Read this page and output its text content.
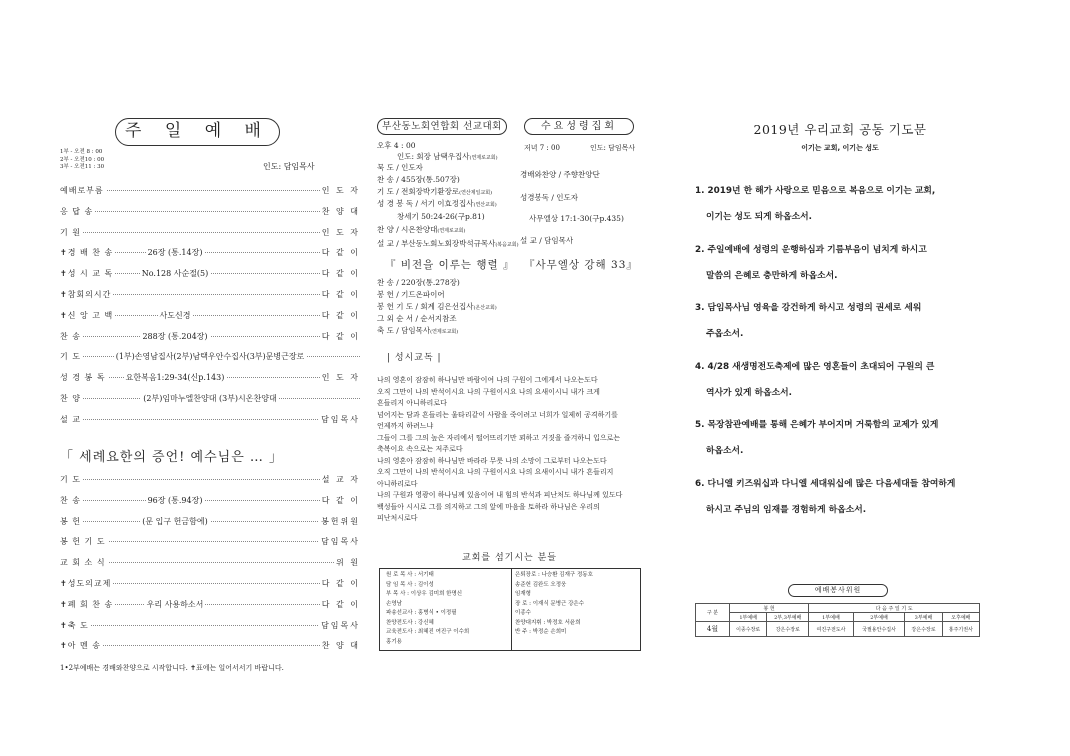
주 일 예 배
1부 - 오전 8 : 00
2부 - 오전10 : 00
3부 - 오전11 : 30	인도: 담임목사
예배로부름	인 도 자
응 답 송	찬 양 대
기 원	인 도 자
✝경 배 찬 송	26장 (통.14장)	다 같 이
✝성 시 교 독	No.128 사순절(5)	다 같 이
✝참회의시간	다 같 이
✝신 앙 고 백	사도신경	다 같 이
찬 송	288장 (통.204장)	다 같 이
기 도	(1부)손영남집사(2부)남택우안수집사(3부)문병근장로
성 경 봉 독	요한복음1:29-34(신p.143)	인 도 자
찬 양	(2부)임마누엘찬양대 (3부)시온찬양대
설 교	담임목사
「 세례요한의 증언! 예수님은 … 」
기 도	설 교 자
찬 송	96장 (통.94장)	다 같 이
봉 헌	(문 입구 헌금함에)	봉헌위원
봉 헌 기 도	담임목사
교 회 소 식	위 원
✝성도의교제	다 같 이
✝폐 회 찬 송	우리 사용하소서	다 같 이
✝축 도	담임목사
✝아 멘 송	찬 양 대
1•2부예배는 경배와찬양으로 시작합니다. ✝표에는 일어서서기 바랍니다.
부산동노회연합회 선교대회	수요성령집회
오후 4 : 00
인도: 회장 남택우집사(연제로교회)
묵 도 / 인도자
찬 송 / 455장(통.507장)
기 도 / 전회장박기환장로(연산제일교회)
성 경 봉 독 / 서기 이효정집사(연산교회)
창세기 50:24-26(구p.81)
찬 양 / 시온찬양대(연제로교회)
설 교 / 부산동노회노회장박석규목사(복음교회)
『 비전을 이루는 행렬 』
찬 송 / 220장(통.278장)
봉 헌 / 기드온파이어
봉 헌 기 도 / 회계 김은선집사(온산교회)
그 외 순 서 / 순서지참조
축 도 / 담임목사(연제로교회)
저녁 7 : 00	인도: 담임목사
경배와찬양 / 주향찬양단
성경봉독 / 인도자
사무엘상 17:1-30(구p.435)
설 교 / 담임목사
『사무엘상 강해 33』
| 성시교독 |
나의 영혼이 잠잠히 하나님만 바람이여 나의 구원이 그에게서 나오는도다
오직 그만이 나의 반석이시요 나의 구원이시요 나의 요새이시니 내가 크게
흔들리지 아니하리로다
넘어지는 담과 흔들리는 울타리같이 사람을 죽이려고 너희가 일제히 공격하기를
언제까지 하려느냐
그들이 그를 그의 높은 자리에서 떨어뜨리기만 꾀하고 거짓을 즐겨하니 입으로는
축복이요 속으로는 저주로다
나의 영혼아 잠잠히 하나님만 바라라 무릇 나의 소망이 그로부터 나오는도다
오직 그만이 나의 반석이시요 나의 구원이시요 나의 요새이시니 내가 흔들리지
아니하리로다
나의 구원과 영광이 하나님께 있음이여 내 힘의 반석과 피난처도 하나님께 있도다
백성들아 시시로 그를 의지하고 그의 앞에 마음을 토하라 하나님은 우리의
피난처시로다
교회를 섬기시는 분들
원 로 목 사 : 서기태
담 임 목 사 : 김이성
부 목 사 : 이상우 김미희 한명신
손영남
파송선교사 : 홍병식 • 이정필
찬양전도사 : 강신혜
교육전도사 : 최혜진 여진구 이수희
홍기용
은퇴장로 : 나승환 김재구 정동호
송준헌 김완도 오정웅
임재형
장 로 : 이재식 문병근 강은수
이종수
찬양대지휘 : 박정호 서윤희
반 주 : 박정순 손희미
2019년 우리교회 공동 기도문
이기는 교회, 이기는 성도
1. 2019년 한 해가 사랑으로 믿음으로 복음으로 이기는 교회,
이기는 성도 되게 하옵소서.
2. 주일예배에 성령의 운행하심과 기름부음이 넘치게 하시고
말씀의 은혜로 충만하게 하옵소서.
3. 담임목사님 영육을 강건하게 하시고 성령의 권세로 세워
주옵소서.
4. 4/28 새생명전도축제에 많은 영혼들이 초대되어 구원의 큰
역사가 있게 하옵소서.
5. 목장참관예배를 통해 은혜가 부어지며 거룩함의 교제가 있게
하옵소서.
6. 다니엘 키즈워십과 다니엘 세대워십에 많은 다음세대들 참여하게
하시고 주님의 임재를 경험하게 하옵소서.
예배봉사위원
구 분	봉 헌		다 음 주 일 기 도			
	1부예배	2부,3부예배	1부예배	2부예배	3부예배	오후예배
4월	이종수장로	강은수장로	여진구전도사	국필용안수집사	강은수장로	홍주기권사
